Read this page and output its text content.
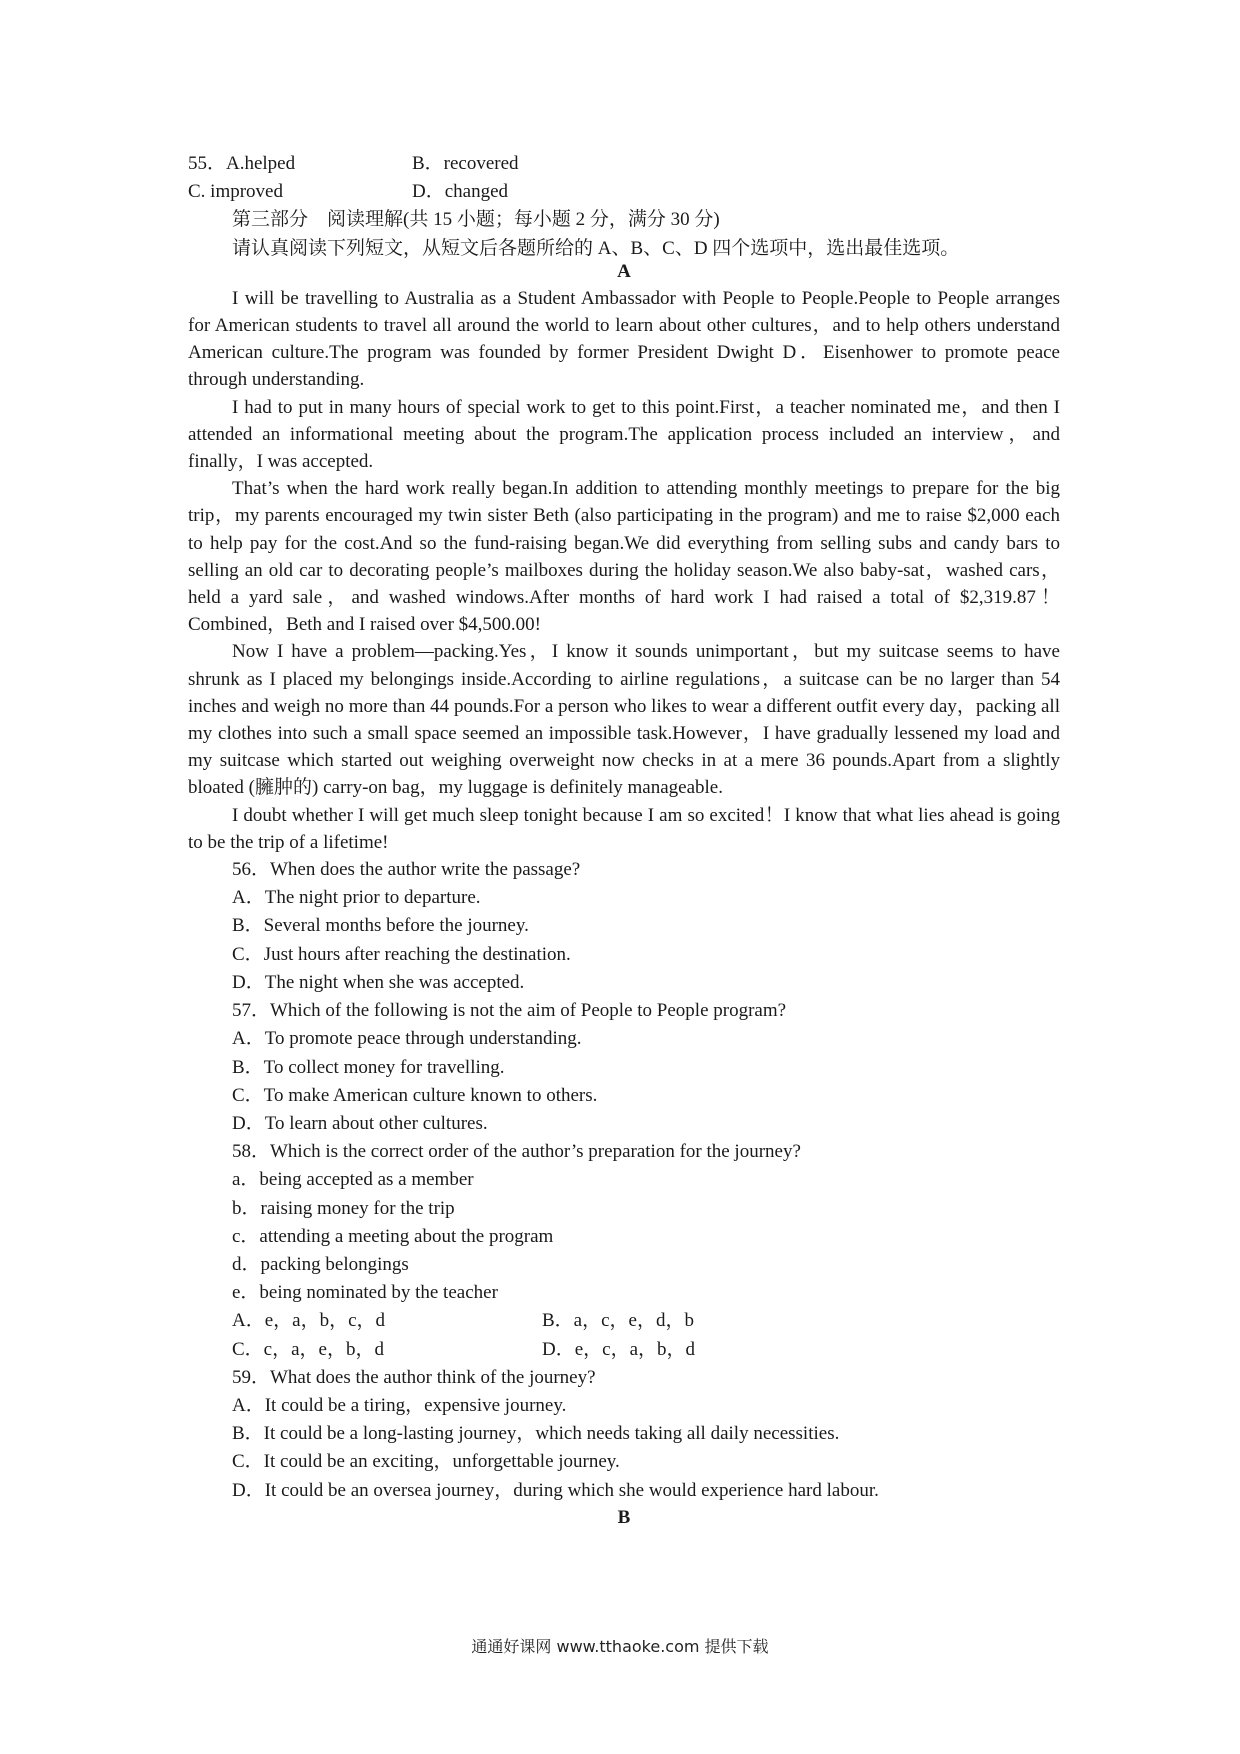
55．A.helped	B．recovered
C. improved	D．changed
第三部分　阅读理解(共 15 小题；每小题 2 分，满分 30 分)
请认真阅读下列短文，从短文后各题所给的 A、B、C、D 四个选项中，选出最佳选项。
A

I will be travelling to Australia as a Student Ambassador with People to People.People to People arranges for American students to travel all around the world to learn about other cultures，and to help others understand American culture.The program was founded by former President Dwight D．Eisenhower to promote peace through understanding.

I had to put in many hours of special work to get to this point.First，a teacher nominated me，and then I attended an informational meeting about the program.The application process included an interview，and finally，I was accepted.

That’s when the hard work really began.In addition to attending monthly meetings to prepare for the big trip，my parents encouraged my twin sister Beth (also participating in the program) and me to raise $2,000 each to help pay for the cost.And so the fund-raising began.We did everything from selling subs and candy bars to selling an old car to decorating people’s mailboxes during the holiday season.We also baby-sat，washed cars，held a yard sale，and washed windows.After months of hard work I had raised a total of $2,319.87！Combined，Beth and I raised over $4,500.00!

Now I have a problem—packing.Yes，I know it sounds unimportant，but my suitcase seems to have shrunk as I placed my belongings inside.According to airline regulations，a suitcase can be no larger than 54 inches and weigh no more than 44 pounds.For a person who likes to wear a different outfit every day，packing all my clothes into such a small space seemed an impossible task.However，I have gradually lessened my load and my suitcase which started out weighing overweight now checks in at a mere 36 pounds.Apart from a slightly bloated (臃肿的) carry-on bag，my luggage is definitely manageable.

I doubt whether I will get much sleep tonight because I am so excited！I know that what lies ahead is going to be the trip of a lifetime!

56．When does the author write the passage?
A．The night prior to departure.
B．Several months before the journey.
C．Just hours after reaching the destination.
D．The night when she was accepted.
57．Which of the following is not the aim of People to People program?
A．To promote peace through understanding.
B．To collect money for travelling.
C．To make American culture known to others.
D．To learn about other cultures.
58．Which is the correct order of the author’s preparation for the journey?
a．being accepted as a member
b．raising money for the trip
c．attending a meeting about the program
d．packing belongings
e．being nominated by the teacher
A．e，a，b，c，d	B．a，c，e，d，b
C．c，a，e，b，d	D．e，c，a，b，d
59．What does the author think of the journey?
A．It could be a tiring，expensive journey.
B．It could be a long-lasting journey，which needs taking all daily necessities.
C．It could be an exciting，unforgettable journey.
D．It could be an oversea journey，during which she would experience hard labour.
B
通通好课网 www.tthaoke.com 提供下载
